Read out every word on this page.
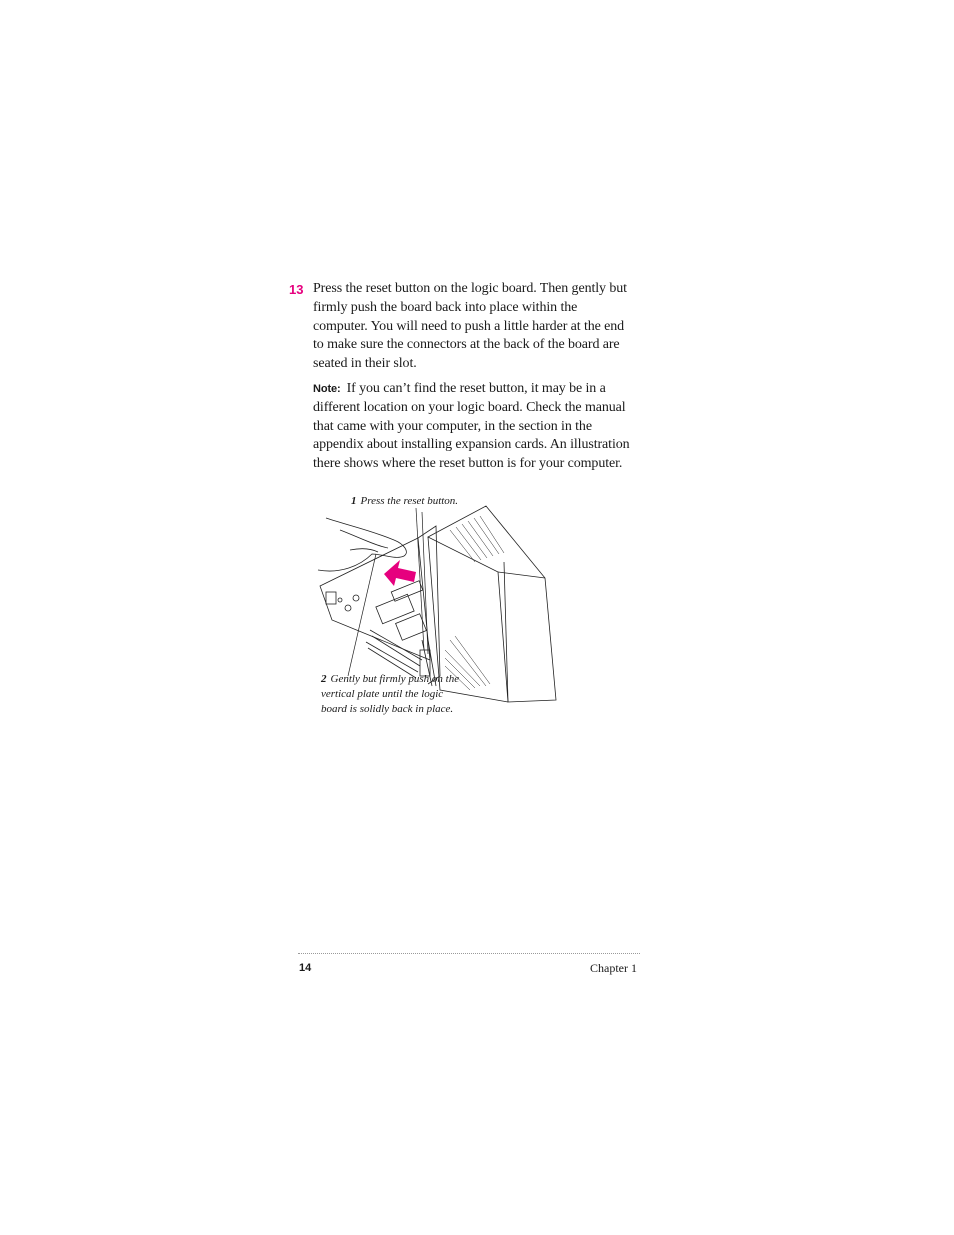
13 Press the reset button on the logic board. Then gently but firmly push the board back into place within the computer. You will need to push a little harder at the end to make sure the connectors at the back of the board are seated in their slot.
Note: If you can’t find the reset button, it may be in a different location on your logic board. Check the manual that came with your computer, in the section in the appendix about installing expansion cards. An illustration there shows where the reset button is for your computer.
1 Press the reset button.
2 Gently but firmly push on the vertical plate until the logic board is solidly back in place.
14	Chapter 1
